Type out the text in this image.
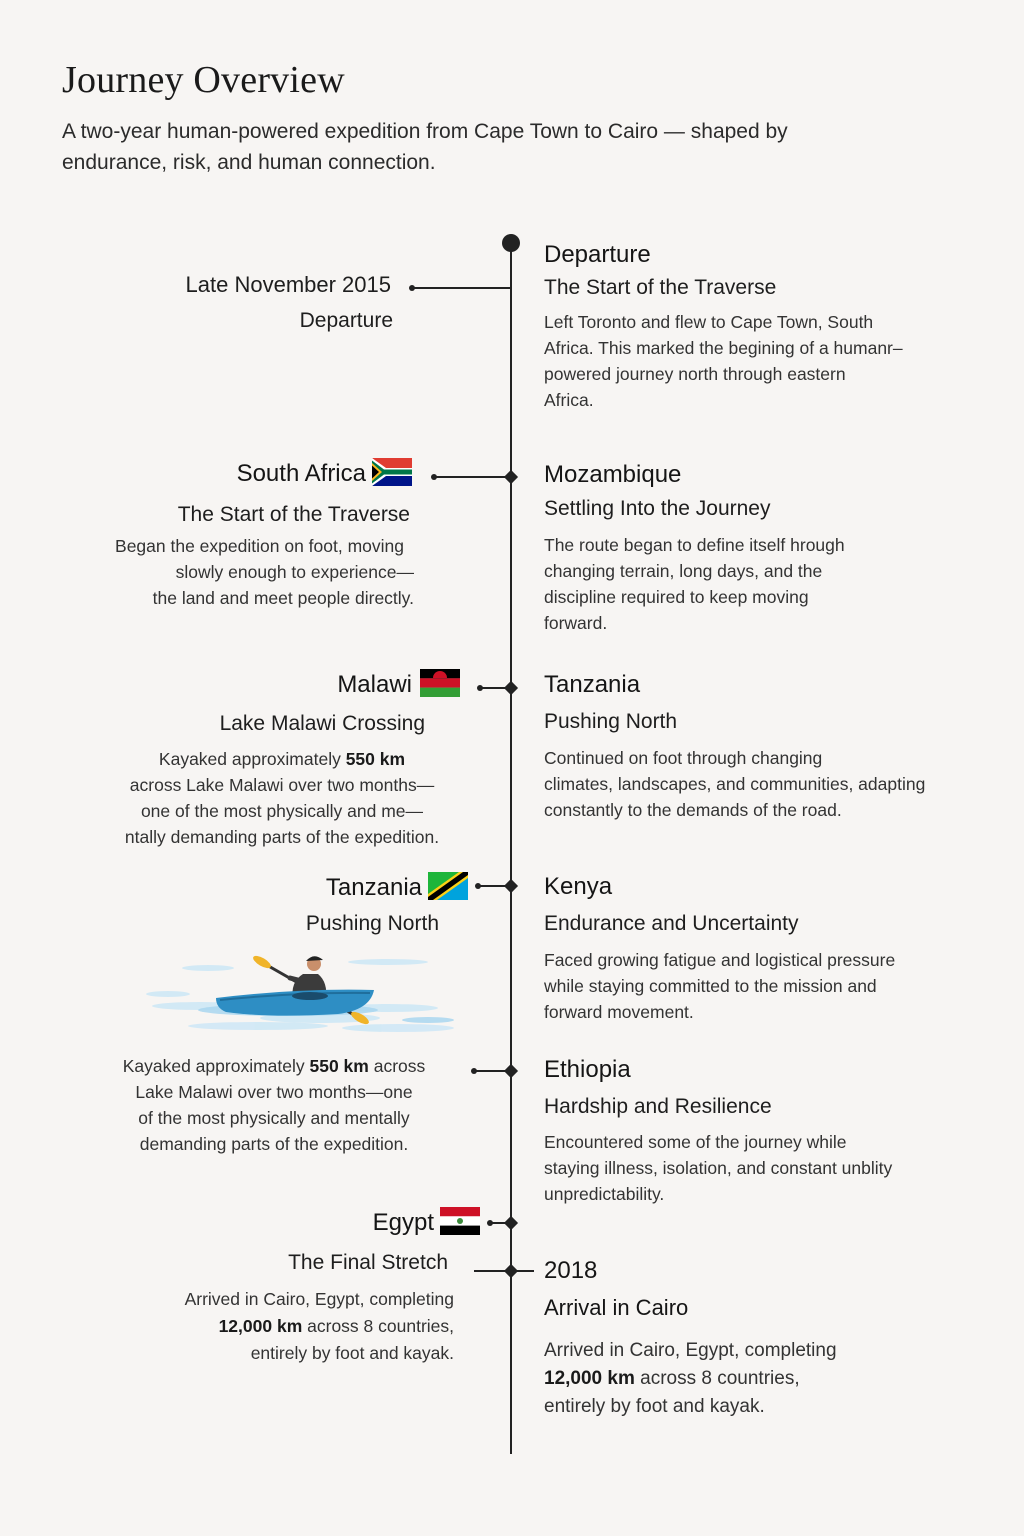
Journey Overview

A two-year human-powered expedition from Cape Town to Cairo — shaped by endurance, risk, and human connection.

Late November 2015
Departure
South Africa
The Start of the Traverse
Began the expedition on foot, moving
slowly enough to experience—
the land and meet people directly.
Malawi
Lake Malawi Crossing
Kayaked approximately 550 km
across Lake Malawi over two months—
one of the most physically and me—
ntally demanding parts of the expedition.
Tanzania
Pushing North
Kayaked approximately 550 km across
Lake Malawi over two months—one
of the most physically and mentally
demanding parts of the expedition.
Egypt
The Final Stretch
Arrived in Cairo, Egypt, completing
12,000 km across 8 countries,
entirely by foot and kayak.
Departure
The Start of the Traverse
Left Toronto and flew to Cape Town, South
Africa. This marked the begining of a humanr–
powered journey north through eastern
Africa.
Mozambique
Settling Into the Journey
The route began to define itself hrough
changing terrain, long days, and the
discipline required to keep moving
forward.
Tanzania
Pushing North
Continued on foot through changing
climates, landscapes, and communities, adapting
constantly to the demands of the road.
Kenya
Endurance and Uncertainty
Faced growing fatigue and logistical pressure
while staying committed to the mission and
forward movement.
Ethiopia
Hardship and Resilience
Encountered some of the journey while
staying illness, isolation, and constant unblity
unpredictability.
2018
Arrival in Cairo
Arrived in Cairo, Egypt, completing
12,000 km across 8 countries,
entirely by foot and kayak.
